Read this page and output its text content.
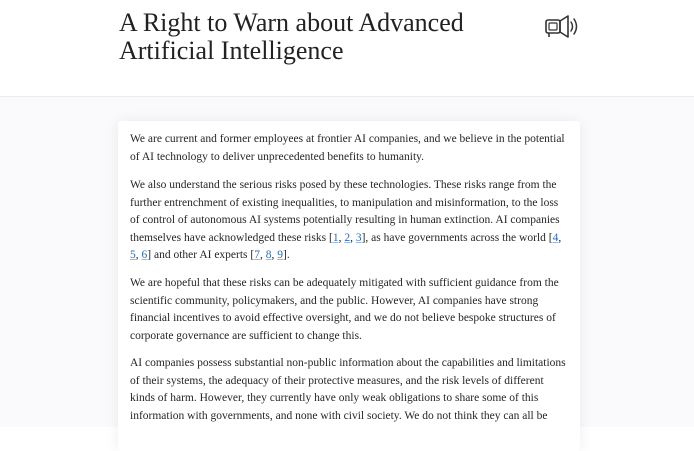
A Right to Warn about Advanced Artificial Intelligence

We are current and former employees at frontier AI companies, and we believe in the potential of AI technology to deliver unprecedented benefits to humanity.

We also understand the serious risks posed by these technologies. These risks range from the further entrenchment of existing inequalities, to manipulation and misinformation, to the loss of control of autonomous AI systems potentially resulting in human extinction. AI companies themselves have acknowledged these risks [1, 2, 3], as have governments across the world [4, 5, 6] and other AI experts [7, 8, 9].

We are hopeful that these risks can be adequately mitigated with sufficient guidance from the scientific community, policymakers, and the public. However, AI companies have strong financial incentives to avoid effective oversight, and we do not believe bespoke structures of corporate governance are sufficient to change this.

AI companies possess substantial non-public information about the capabilities and limitations of their systems, the adequacy of their protective measures, and the risk levels of different kinds of harm. However, they currently have only weak obligations to share some of this information with governments, and none with civil society. We do not think they can all be
